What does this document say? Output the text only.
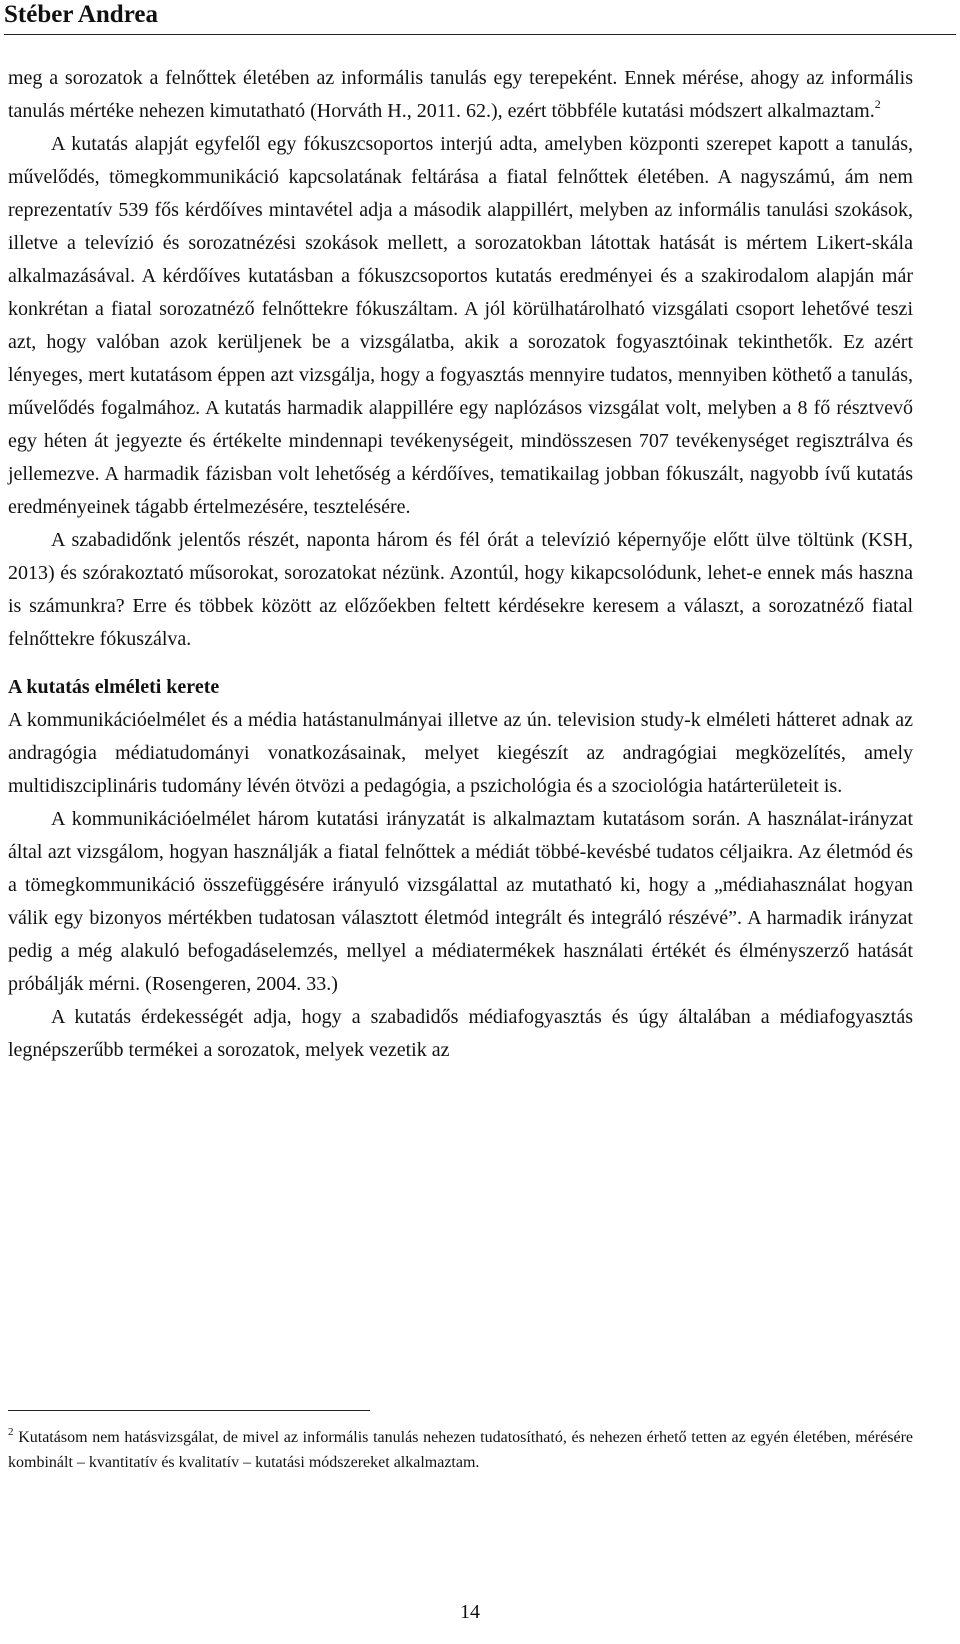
Stéber Andrea

meg a sorozatok a felnőttek életében az informális tanulás egy terepeként. Ennek mérése, ahogy az informális tanulás mértéke nehezen kimutatható (Horváth H., 2011. 62.), ezért többféle kutatási módszert alkalmaztam.$^2$

A kutatás alapját egyfelől egy fókuszcsoportos interjú adta, amelyben központi szerepet kapott a tanulás, művelődés, tömegkommunikáció kapcsolatának feltárása a fiatal felnőttek életében. A nagyszámú, ám nem reprezentatív 539 fős kérdőíves mintavétel adja a második alappillért, melyben az informális tanulási szokások, illetve a televízió és sorozatnézési szokások mellett, a sorozatokban látottak hatását is mértem Likert-skála alkalmazásával. A kérdőíves kutatásban a fókuszcsoportos kutatás eredményei és a szakirodalom alapján már konkrétan a fiatal sorozatnéző felnőttekre fókuszáltam. A jól körülhatárolható vizsgálati csoport lehetővé teszi azt, hogy valóban azok kerüljenek be a vizsgálatba, akik a sorozatok fogyasztóinak tekinthetők. Ez azért lényeges, mert kutatásom éppen azt vizsgálja, hogy a fogyasztás mennyire tudatos, mennyiben köthető a tanulás, művelődés fogalmához. A kutatás harmadik alappillére egy naplózásos vizsgálat volt, melyben a 8 fő résztvevő egy héten át jegyezte és értékelte mindennapi tevékenységeit, mindösszesen 707 tevékenységet regisztrálva és jellemezve. A harmadik fázisban volt lehetőség a kérdőíves, tematikailag jobban fókuszált, nagyobb ívű kutatás eredményeinek tágabb értelmezésére, tesztelésére.

A szabadidőnk jelentős részét, naponta három és fél órát a televízió képernyője előtt ülve töltünk (KSH, 2013) és szórakoztató műsorokat, sorozatokat nézünk. Azontúl, hogy kikapcsolódunk, lehet-e ennek más haszna is számunkra? Erre és többek között az előzőekben feltett kérdésekre keresem a választ, a sorozatnéző fiatal felnőttekre fókuszálva.

A kutatás elméleti kerete

A kommunikációelmélet és a média hatástanulmányai illetve az ún. television study-k elméleti hátteret adnak az andragógia médiatudományi vonatkozásainak, melyet kiegészít az andragógiai megközelítés, amely multidiszciplináris tudomány lévén ötvözi a pedagógia, a pszichológia és a szociológia határterületeit is.

A kommunikációelmélet három kutatási irányzatát is alkalmaztam kutatásom során. A használat-irányzat által azt vizsgálom, hogyan használják a fiatal felnőttek a médiát többé-kevésbé tudatos céljaikra. Az életmód és a tömegkommunikáció összefüggésére irányuló vizsgálattal az mutatható ki, hogy a „médiahasználat hogyan válik egy bizonyos mértékben tudatosan választott életmód integrált és integráló részévé”. A harmadik irányzat pedig a még alakuló befogadáselemzés, mellyel a médiatermékek használati értékét és élményszerző hatását próbálják mérni. (Rosengeren, 2004. 33.)

A kutatás érdekességét adja, hogy a szabadidős médiafogyasztás és úgy általában a médiafogyasztás legnépszerűbb termékei a sorozatok, melyek vezetik az

$^2$ Kutatásom nem hatásvizsgálat, de mivel az informális tanulás nehezen tudatosítható, és nehezen érhető tetten az egyén életében, mérésére kombinált – kvantitatív és kvalitatív – kutatási módszereket alkalmaztam.

14
